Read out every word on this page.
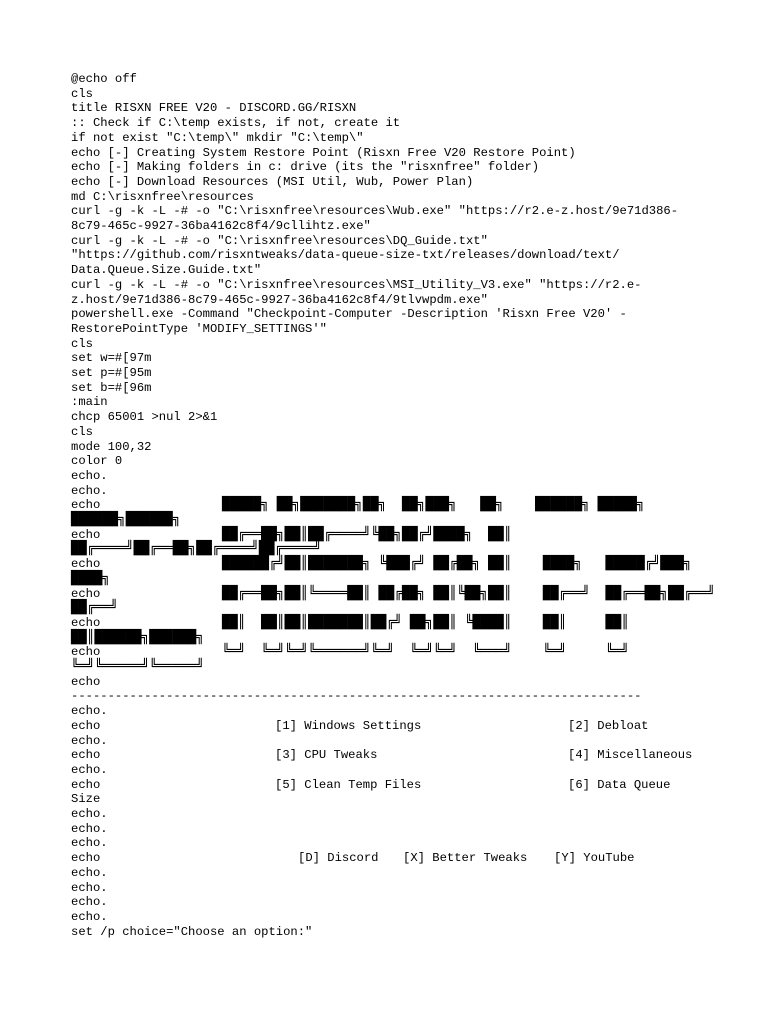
@echo off
cls
title RISXN FREE V20 - DISCORD.GG/RISXN
:: Check if C:\temp exists, if not, create it
if not exist "C:\temp\" mkdir "C:\temp\"
echo [-] Creating System Restore Point (Risxn Free V20 Restore Point)
echo [-] Making folders in c: drive (its the "risxnfree" folder)
echo [-] Download Resources (MSI Util, Wub, Power Plan)
md C:\risxnfree\resources
curl -g -k -L -# -o "C:\risxnfree\resources\Wub.exe" "https://r2.e-z.host/9e71d386-
8c79-465c-9927-36ba4162c8f4/9cllihtz.exe"
curl -g -k -L -# -o "C:\risxnfree\resources\DQ_Guide.txt"
"https://github.com/risxntweaks/data-queue-size-txt/releases/download/text/
Data.Queue.Size.Guide.txt"
curl -g -k -L -# -o "C:\risxnfree\resources\MSI_Utility_V3.exe" "https://r2.e-
z.host/9e71d386-8c79-465c-9927-36ba4162c8f4/9tlvwpdm.exe"
powershell.exe -Command "Checkpoint-Computer -Description 'Risxn Free V20' -
RestorePointType 'MODIFY_SETTINGS'"
cls
set w=#[97m
set p=#[95m
set b=#[96m
:main
chcp 65001 >nul 2>&1
cls
mode 100,32
color 0
echo.
echo.
echo
echo
echo
echo
echo
echo
echo
------------------------------------------------------------------------------
echo.
echo
echo.
echo
echo.
echo
Size
echo.
echo.
echo.
echo
echo.
echo.
echo.
echo.
set /p choice="Choose an option:"
█████╗ ██╗███████╗██╗  ██╗███╗   ██╗    ██████╗ █████╗
██████╗██████╗
██╔══██╗██║██╔════╝╚██╗██╔╝████╗  ██║
██╔════╝██╔══██╗██╔════╝██╔════╝
██████╔╝██║███████╗ ╚███╔╝ ██╔██╗ ██║    ████╗   █████╔╝███╗
████╗
██╔══██╗██║╚════██║ ██╔██╗ ██║╚██╗██║    ██╔══╝  ██╔══██╗██╔══╝
██╔══╝
██║  ██║██║███████║██╔╝ ██╗██║ ╚████║    ██║     ██║
██║██████╗██████╗
╚═╝  ╚═╝╚═╝╚══════╝╚═╝  ╚═╝╚═╝  ╚═══╝    ╚═╝     ╚═╝
╚═╝╚═════╝╚═════╝
[1] Windows Settings	[2] Debloat
[3] CPU Tweaks	[4] Miscellaneous
[5] Clean Temp Files	[6] Data Queue
[D] Discord [X] Better Tweaks [Y] YouTube
